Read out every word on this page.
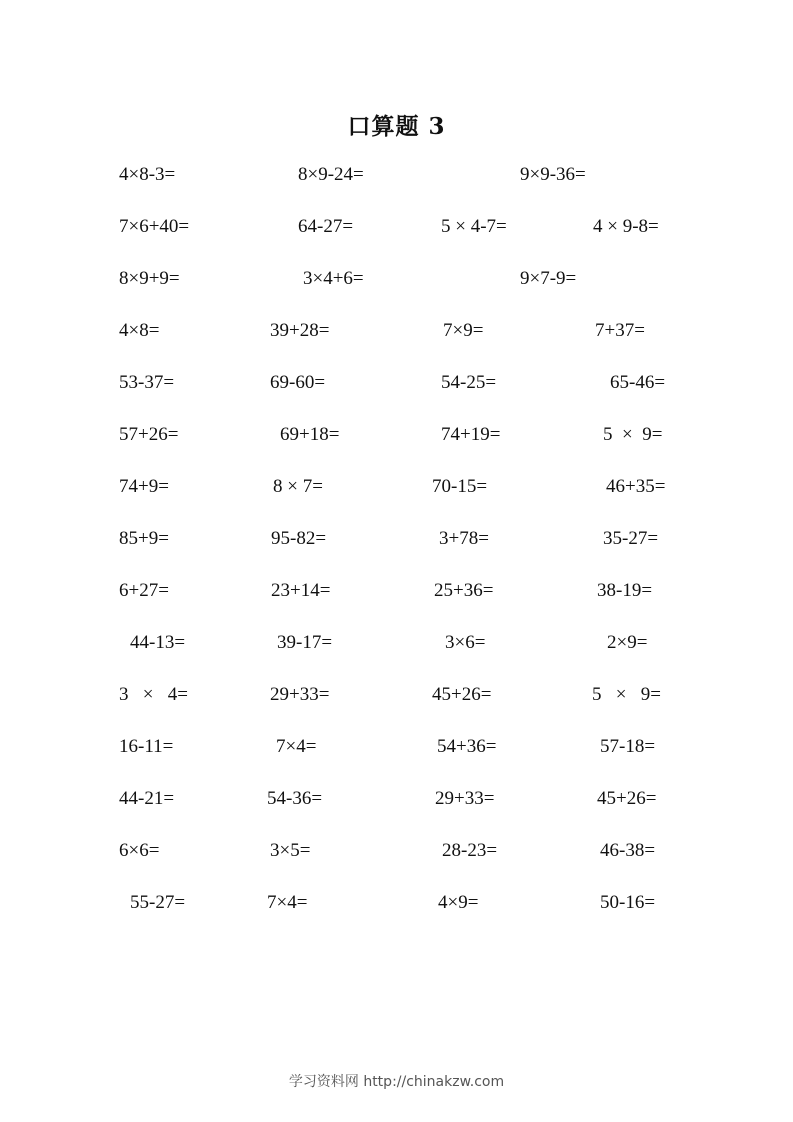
口算题 3
4×8-3=	8×9-24=	9×9-36=
7×6+40=	64-27=	5 × 4-7=	4 × 9-8=
8×9+9=	3×4+6=	9×7-9=
4×8=	39+28=	7×9=	7+37=
53-37=	69-60=	54-25=	65-46=
57+26=	69+18=	74+19=	5  ×  9=
74+9=	8 × 7=	70-15=	46+35=
85+9=	95-82=	3+78=	35-27=
6+27=	23+14=	25+36=	38-19=
44-13=	39-17=	3×6=	2×9=
3   ×   4=	29+33=	45+26=	5   ×   9=
16-11=	7×4=	54+36=	57-18=
44-21=	54-36=	29+33=	45+26=
6×6=	3×5=	28-23=	46-38=
55-27=	7×4=	4×9=	50-16=
学习资料网 http://chinakzw.com
